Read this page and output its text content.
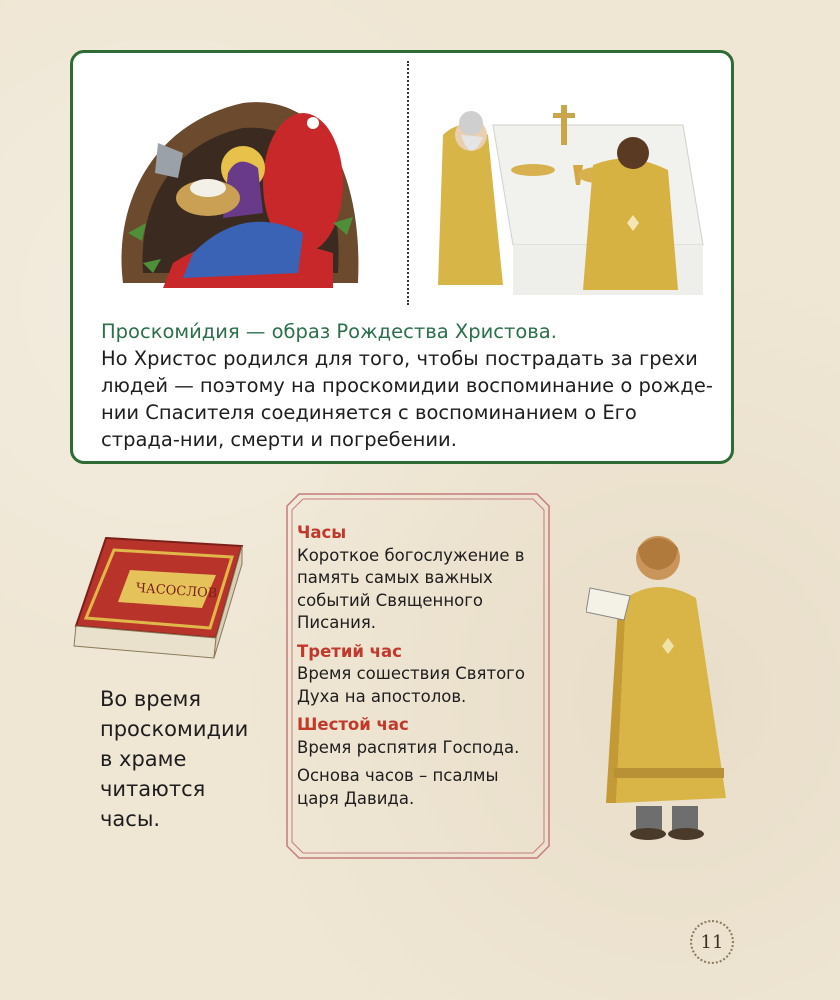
Проскоми́дия — образ Рождества Христова.

Но Христос родился для того, чтобы пострадать за грехи людей — поэтому на проскомидии воспоминание о рожде-нии Спасителя соединяется с воспоминанием о Его страда-нии, смерти и погребении.

ЧАСОСЛОВ
Во время проскомидии в храме читаются часы.

Часы

Короткое богослужение в память самых важных событий Священного Писания.

Третий час

Время сошествия Святого Духа на апостолов.

Шестой час

Время распятия Господа.

Основа часов – псалмы царя Давида.

11
